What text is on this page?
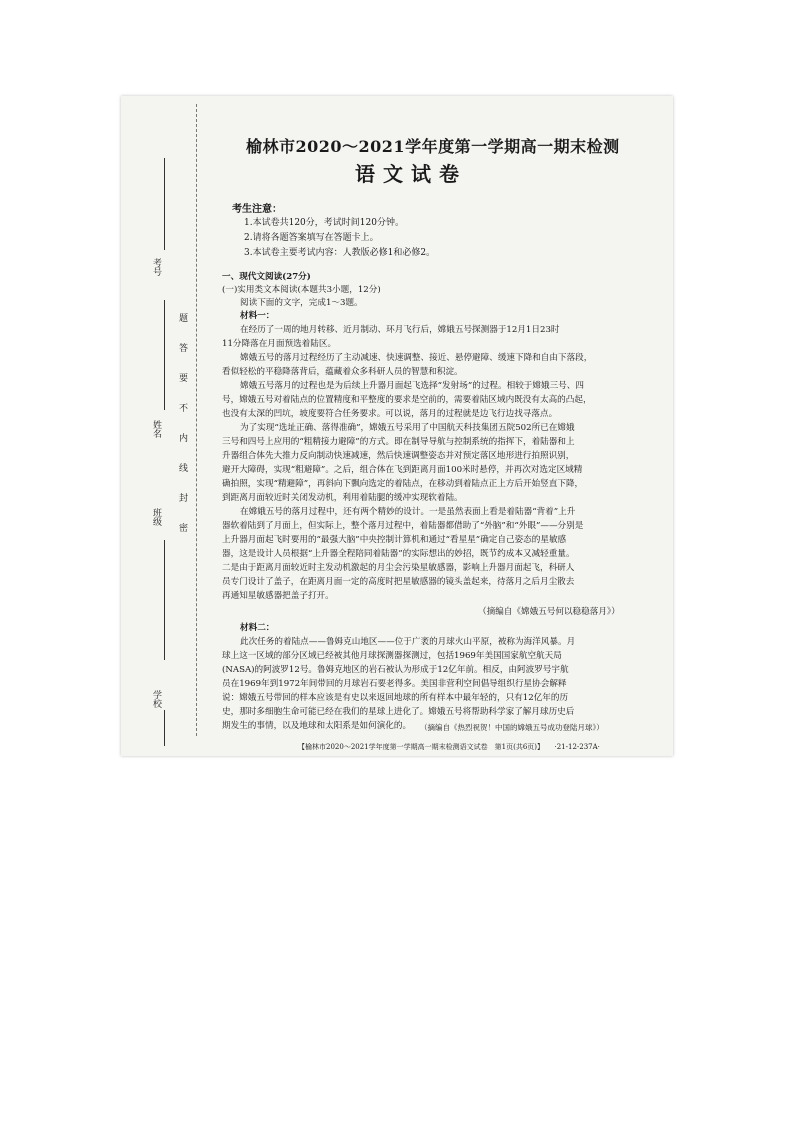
考号
姓名
班级
学校
题
答
要
不
内
线
封
密
榆林市2020～2021学年度第一学期高一期末检测
语文试卷
考生注意：
1.本试卷共120分，考试时间120分钟。
2.请将各题答案填写在答题卡上。
3.本试卷主要考试内容：人教版必修1和必修2。
一、现代文阅读(27分)
(一)实用类文本阅读(本题共3小题，12分)
阅读下面的文字，完成1～3题。
材料一：
在经历了一周的地月转移、近月制动、环月飞行后，嫦娥五号探测器于12月1日23时
11分降落在月面预选着陆区。
嫦娥五号的落月过程经历了主动减速、快速调整、接近、悬停避障、缓速下降和自由下落段，
看似轻松的平稳降落背后，蕴藏着众多科研人员的智慧和积淀。
嫦娥五号落月的过程也是为后续上升器月面起飞选择“发射场”的过程。相较于嫦娥三号、四
号，嫦娥五号对着陆点的位置精度和平整度的要求是空前的，需要着陆区域内既没有太高的凸起，
也没有太深的凹坑，坡度要符合任务要求。可以说，落月的过程就是边飞行边找寻落点。
为了实现“选址正确、落得准确”，嫦娥五号采用了中国航天科技集团五院502所已在嫦娥
三号和四号上应用的“粗精接力避障”的方式。即在制导导航与控制系统的指挥下，着陆器和上
升器组合体先大推力反向制动快速减速，然后快速调整姿态并对预定落区地形进行拍照识别，
避开大障碍，实现“粗避障”。之后，组合体在飞到距离月面100米时悬停，并再次对选定区域精
确拍照，实现“精避障”，再斜向下飘向选定的着陆点，在移动到着陆点正上方后开始竖直下降，
到距离月面较近时关闭发动机，利用着陆腿的缓冲实现软着陆。
在嫦娥五号的落月过程中，还有两个精妙的设计。一是虽然表面上看是着陆器“背着”上升
器软着陆到了月面上，但实际上，整个落月过程中，着陆器都借助了“外脑”和“外眼”——分别是
上升器月面起飞时要用的“最强大脑”中央控制计算机和通过“看星星”确定自己姿态的星敏感
器，这是设计人员根据“上升器全程陪同着陆器”的实际想出的妙招，既节约成本又减轻重量。
二是由于距离月面较近时主发动机激起的月尘会污染星敏感器，影响上升器月面起飞，科研人
员专门设计了盖子，在距离月面一定的高度时把星敏感器的镜头盖起来，待落月之后月尘散去
再通知星敏感器把盖子打开。
（摘编自《嫦娥五号何以稳稳落月》）
材料二：
此次任务的着陆点——鲁姆克山地区——位于广袤的月球火山平原，被称为海洋风暴。月
球上这一区域的部分区域已经被其他月球探测器探测过，包括1969年美国国家航空航天局
(NASA)的阿波罗12号。鲁姆克地区的岩石被认为形成于12亿年前。相反，由阿波罗号宇航
员在1969年到1972年间带回的月球岩石要老得多。美国非营利空间倡导组织行星协会解释
说：嫦娥五号带回的样本应该是有史以来返回地球的所有样本中最年轻的，只有12亿年的历
史，那时多细胞生命可能已经在我们的星球上进化了。嫦娥五号将帮助科学家了解月球历史后
期发生的事情，以及地球和太阳系是如何演化的。 （摘编自《热烈祝贺！中国的嫦娥五号成功登陆月球》）
【榆林市2020～2021学年度第一学期高一期末检测语文试卷　第1页(共6页)】　　·21-12-237A·
